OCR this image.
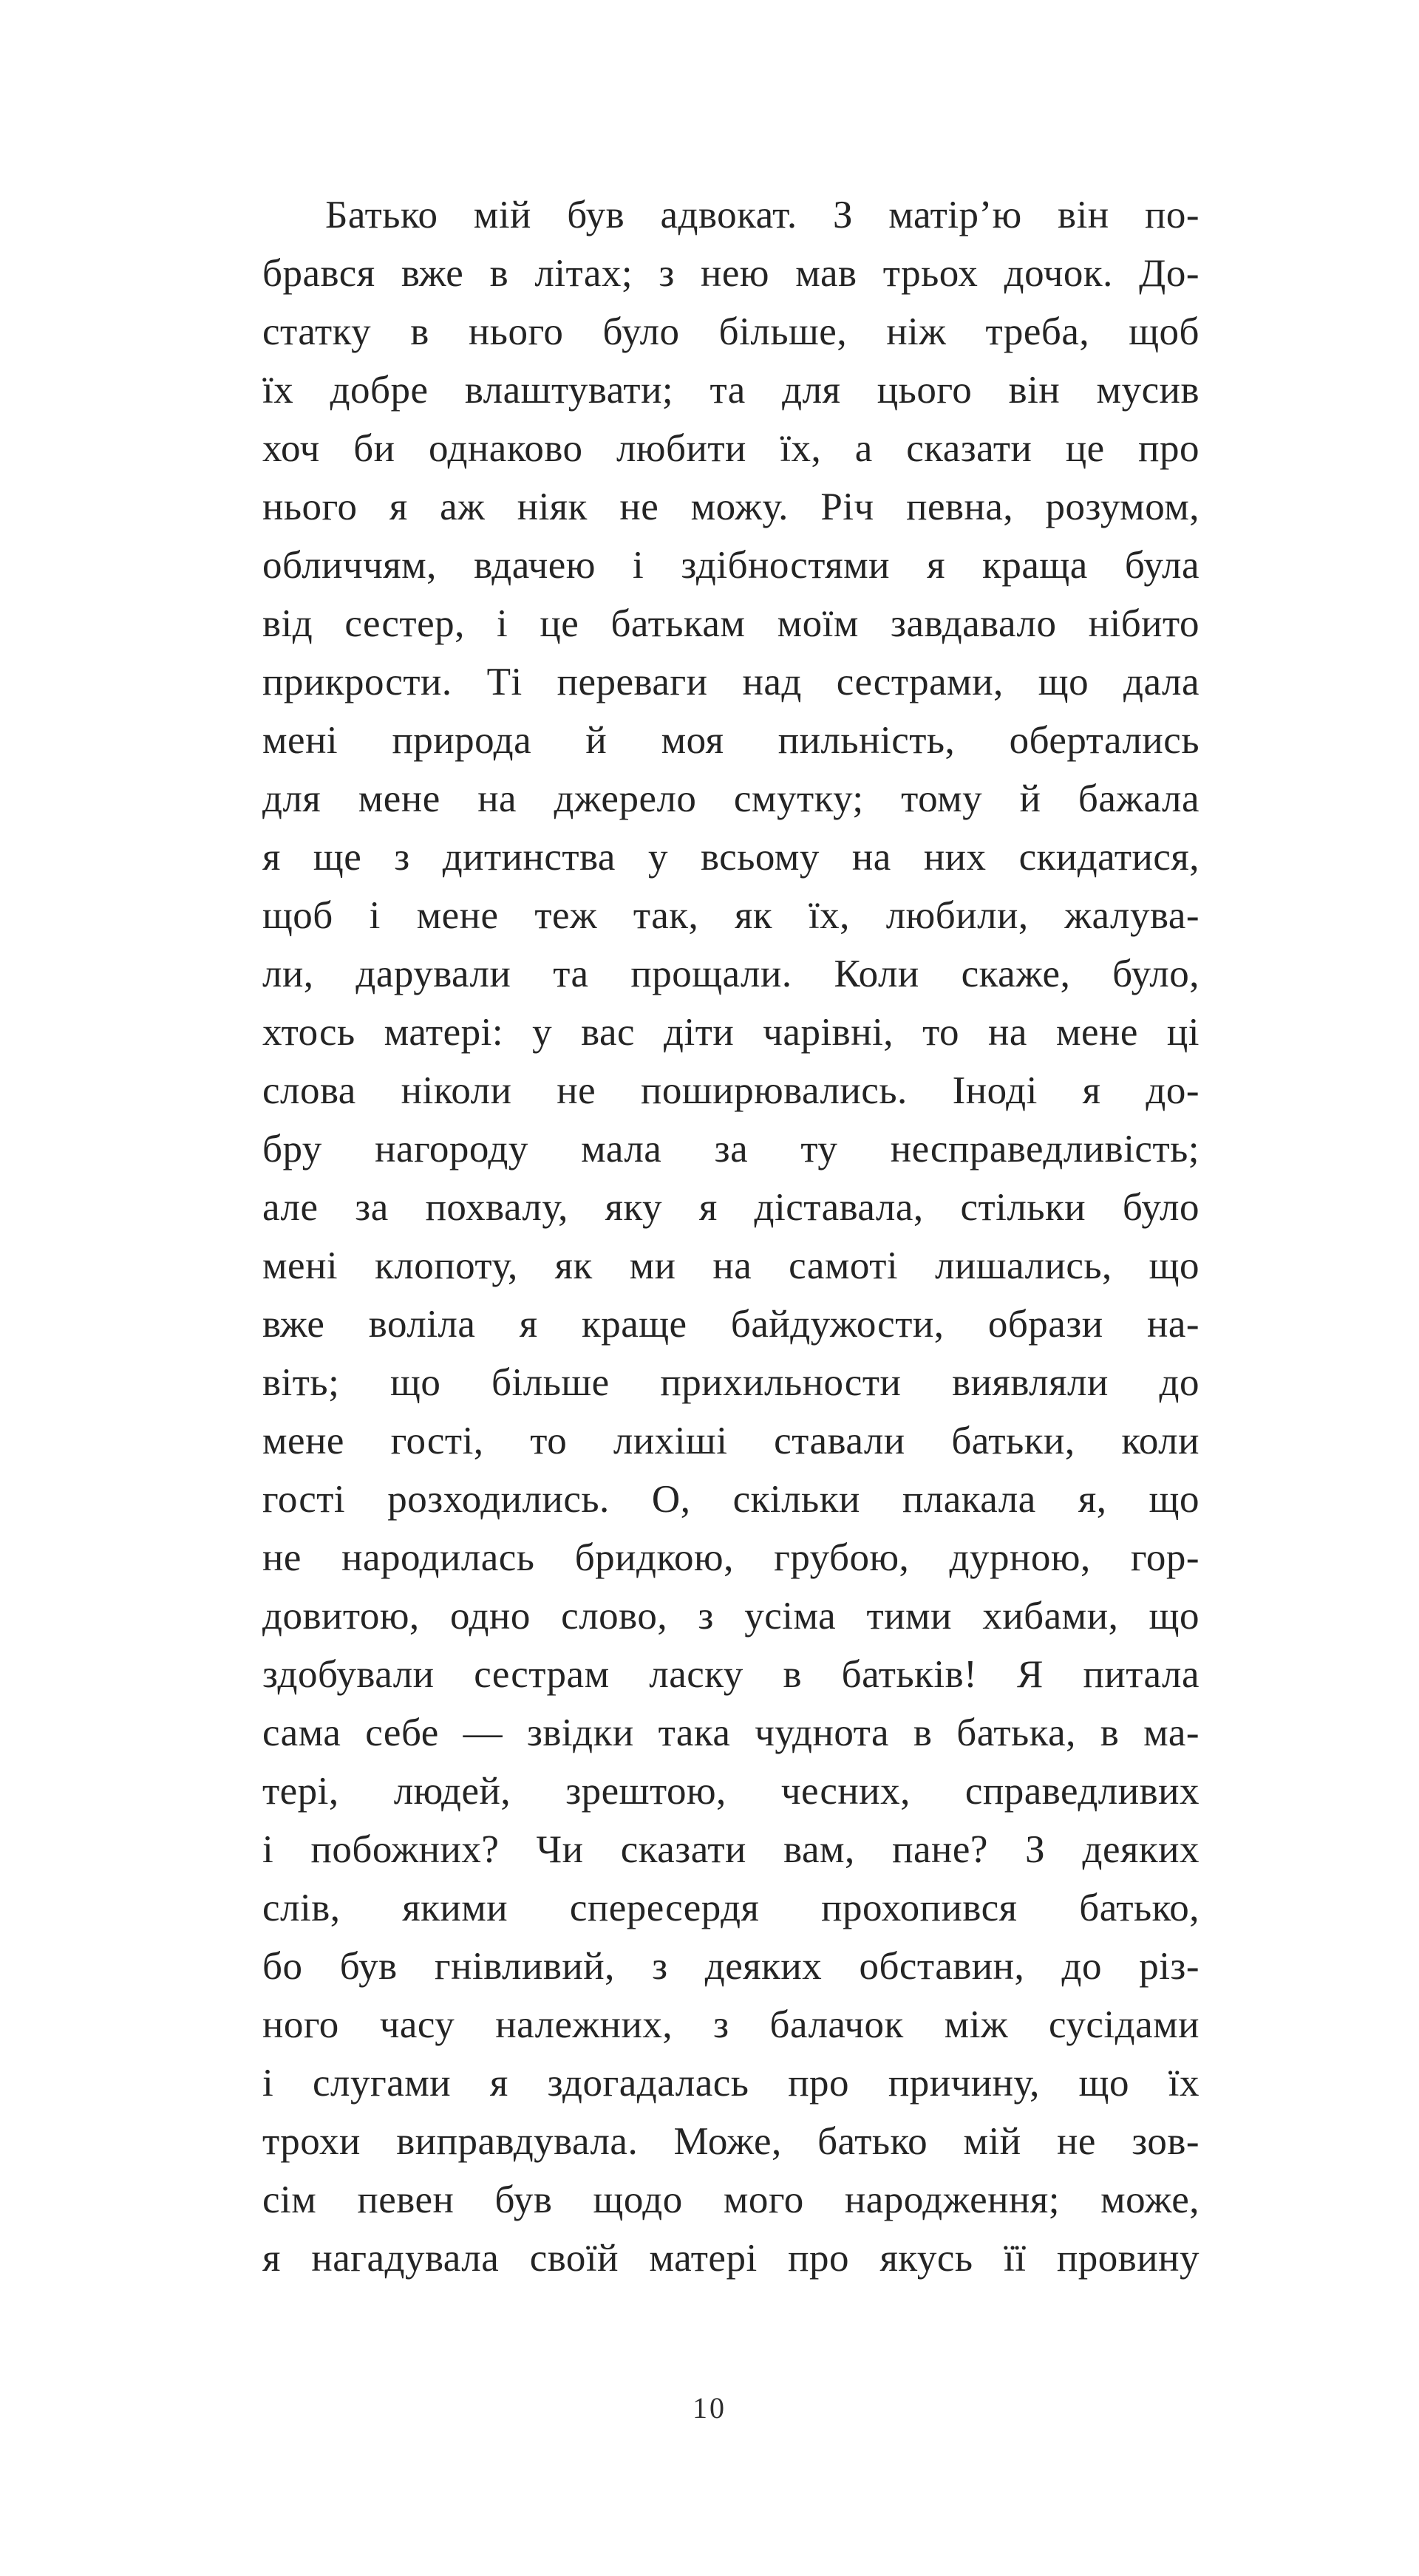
Батько мій був адвокат. З матір’ю він по-
брався вже в літах; з нею мав трьох дочок. До-
статку в нього було більше, ніж треба, щоб
їх добре влаштувати; та для цього він мусив
хоч би однаково любити їх, а сказати це про
нього я аж ніяк не можу. Річ певна, розумом,
обличчям, вдачею і здібностями я краща була
від сестер, і це батькам моїм завдавало нібито
прикрости. Ті переваги над сестрами, що дала
мені природа й моя пильність, обертались
для мене на джерело смутку; тому й бажала
я ще з дитинства у всьому на них скидатися,
щоб і мене теж так, як їх, любили, жалува-
ли, дарували та прощали. Коли скаже, було,
хтось матері: у вас діти чарівні, то на мене ці
слова ніколи не поширювались. Іноді я до-
бру нагороду мала за ту несправедливість;
але за похвалу, яку я діставала, стільки було
мені клопоту, як ми на самоті лишались, що
вже воліла я краще байдужости, образи на-
віть; що більше прихильности виявляли до
мене гості, то лихіші ставали батьки, коли
гості розходились. О, скільки плакала я, що
не народилась бридкою, грубою, дурною, гор-
довитою, одно слово, з усіма тими хибами, що
здобували сестрам ласку в батьків! Я питала
сама себе — звідки така чуднота в батька, в ма-
тері, людей, зрештою, чесних, справедливих
і побожних? Чи сказати вам, пане? З деяких
слів, якими спересердя прохопився батько,
бо був гнівливий, з деяких обставин, до різ-
ного часу належних, з балачок між сусідами
і слугами я здогадалась про причину, що їх
трохи виправдувала. Може, батько мій не зов-
сім певен був щодо мого народження; може,
я нагадувала своїй матері про якусь її провину
10
